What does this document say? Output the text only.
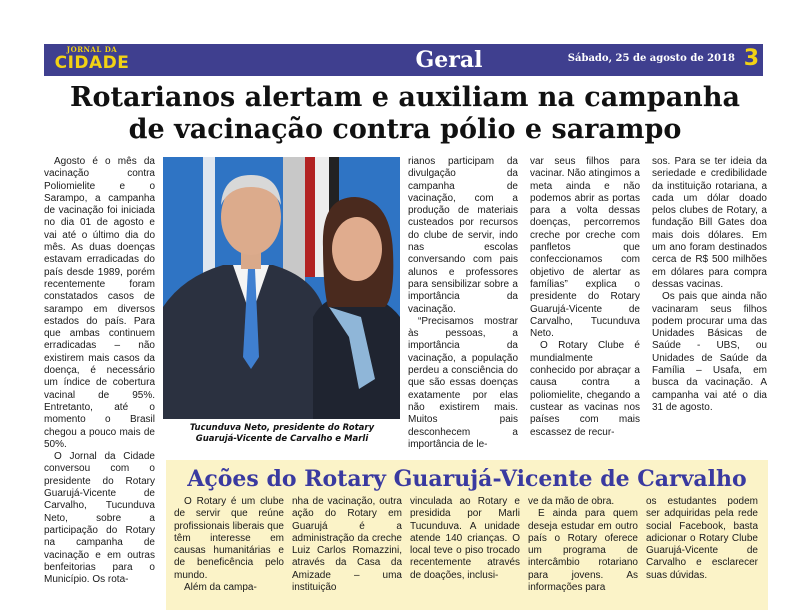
JORNAL DA
CIDADE	Geral	Sábado, 25 de agosto de 2018 3
Rotarianos alertam e auxiliam na campanha
de vacinação contra pólio e sarampo

Agosto é o mês da vacinação contra Poliomielite e o Sarampo, a campanha de vacinação foi iniciada no dia 01 de agosto e vai até o último dia do mês. As duas doenças estavam erradicadas do país desde 1989, porém recentemente foram constatados casos de sarampo em diversos estados do país. Para que ambas continuem erradicadas – não existirem mais casos da doença, é necessário um índice de cobertura vacinal de 95%. Entretanto, até o momento o Brasil chegou a pouco mais de 50%.

O Jornal da Cidade conversou com o presidente do Rotary Guarujá-Vicente de Carvalho, Tucunduva Neto, sobre a participação do Rotary na campanha de vacinação e em outras benfeitorias para o Município. Os rota-

Tucunduva Neto, presidente do Rotary
Guarujá-Vicente de Carvalho e Marli

rianos participam da divulgação da campanha de vacinação, com a produção de materiais custeados por recursos do clube de servir, indo nas escolas conversando com pais alunos e professores para sensibilizar sobre a importância da vacinação.

“Precisamos mostrar às pessoas, a importância da vacinação, a população perdeu a consciência do que são essas doenças exatamente por elas não existirem mais. Muitos pais desconhecem a importância de le-

var seus filhos para vacinar. Não atingimos a meta ainda e não podemos abrir as portas para a volta dessas doenças, percorremos creche por creche com panfletos que confeccionamos com objetivo de alertar as famílias” explica o presidente do Rotary Guarujá-Vicente de Carvalho, Tucunduva Neto.

O Rotary Clube é mundialmente conhecido por abraçar a causa contra a poliomielite, chegando a custear as vacinas nos países com mais escassez de recur-

sos. Para se ter ideia da seriedade e credibilidade da instituição rotariana, a cada um dólar doado pelos clubes de Rotary, a fundação Bill Gates doa mais dois dólares. Em um ano foram destinados cerca de R$ 500 milhões em dólares para compra dessas vacinas.

Os pais que ainda não vacinaram seus filhos podem procurar uma das Unidades Básicas de Saúde - UBS, ou Unidades de Saúde da Família – Usafa, em busca da vacinação. A campanha vai até o dia 31 de agosto.

Ações do Rotary Guarujá-Vicente de Carvalho

O Rotary é um clube de servir que reúne profissionais liberais que têm interesse em causas humanitárias e de beneficência pelo mundo.

Além da campa-

nha de vacinação, outra ação do Rotary em Guarujá é a administração da creche Luiz Carlos Romazzini, através da Casa da Amizade – uma instituição

vinculada ao Rotary e presidida por Marli Tucunduva. A unidade atende 140 crianças. O local teve o piso trocado recentemente através de doações, inclusi-

ve da mão de obra.

E ainda para quem deseja estudar em outro país o Rotary oferece um programa de intercâmbio rotariano para jovens. As informações para

os estudantes podem ser adquiridas pela rede social Facebook, basta adicionar o Rotary Clube Guarujá-Vicente de Carvalho e esclarecer suas dúvidas.
